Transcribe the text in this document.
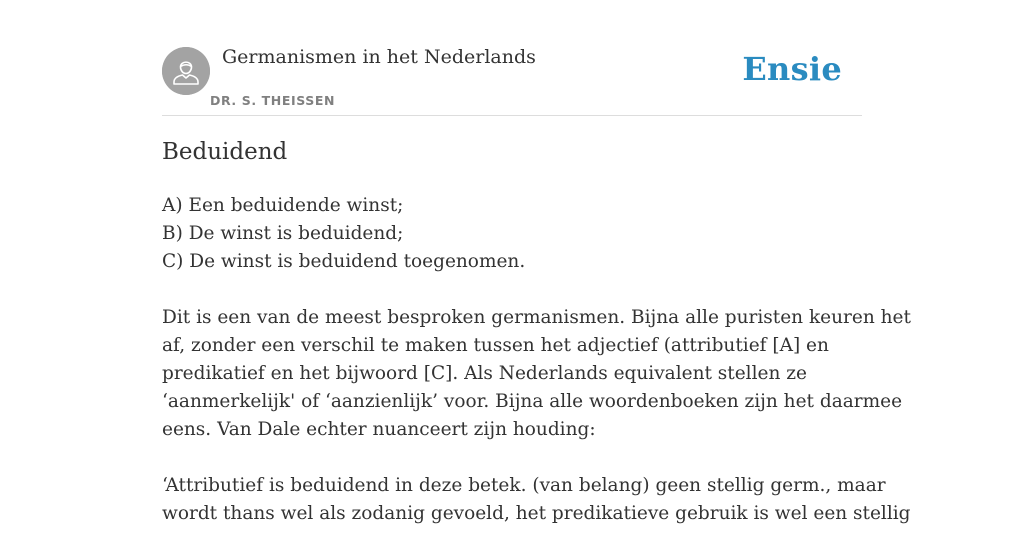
Germanismen in het Nederlands
DR. S. THEISSEN
Ensie
Beduidend

A) Een beduidende winst;
B) De winst is beduidend;
C) De winst is beduidend toegenomen.

Dit is een van de meest besproken germanismen. Bijna alle puristen keuren het
af, zonder een verschil te maken tussen het adjectief (attributief [A] en
predikatief en het bijwoord [C]. Als Nederlands equivalent stellen ze
‘aanmerkelijk' of ‘aanzienlijk’ voor. Bijna alle woordenboeken zijn het daarmee
eens. Van Dale echter nuanceert zijn houding:

‘Attributief is beduidend in deze betek. (van belang) geen stellig germ., maar
wordt thans wel als zodanig gevoeld, het predikatieve gebruik is wel een stellig
